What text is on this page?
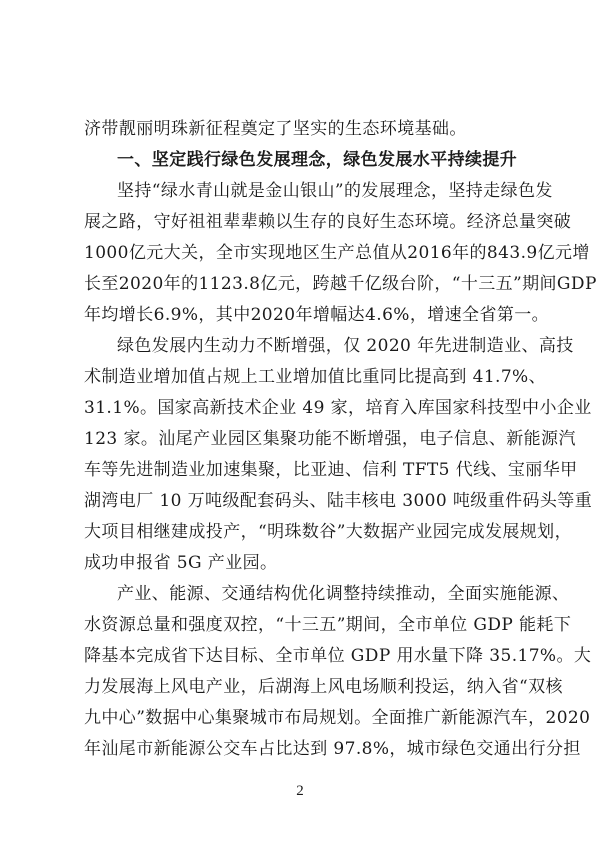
济带靓丽明珠新征程奠定了坚实的生态环境基础。
一、坚定践行绿色发展理念，绿色发展水平持续提升
坚持“绿水青山就是金山银山”的发展理念，坚持走绿色发
展之路，守好祖祖辈辈赖以生存的良好生态环境。经济总量突破
1000亿元大关，全市实现地区生产总值从2016年的843.9亿元增
长至2020年的1123.8亿元，跨越千亿级台阶，“十三五”期间GDP
年均增长6.9%，其中2020年增幅达4.6%，增速全省第一。
绿色发展内生动力不断增强，仅 2020 年先进制造业、高技
术制造业增加值占规上工业增加值比重同比提高到 41.7%、
31.1%。国家高新技术企业 49 家，培育入库国家科技型中小企业
123 家。汕尾产业园区集聚功能不断增强，电子信息、新能源汽
车等先进制造业加速集聚，比亚迪、信利 TFT5 代线、宝丽华甲
湖湾电厂 10 万吨级配套码头、陆丰核电 3000 吨级重件码头等重
大项目相继建成投产，“明珠数谷”大数据产业园完成发展规划，
成功申报省 5G 产业园。
产业、能源、交通结构优化调整持续推动，全面实施能源、
水资源总量和强度双控，“十三五”期间，全市单位 GDP 能耗下
降基本完成省下达目标、全市单位 GDP 用水量下降 35.17%。大
力发展海上风电产业，后湖海上风电场顺利投运，纳入省“双核
九中心”数据中心集聚城市布局规划。全面推广新能源汽车，2020
年汕尾市新能源公交车占比达到 97.8%，城市绿色交通出行分担
2
